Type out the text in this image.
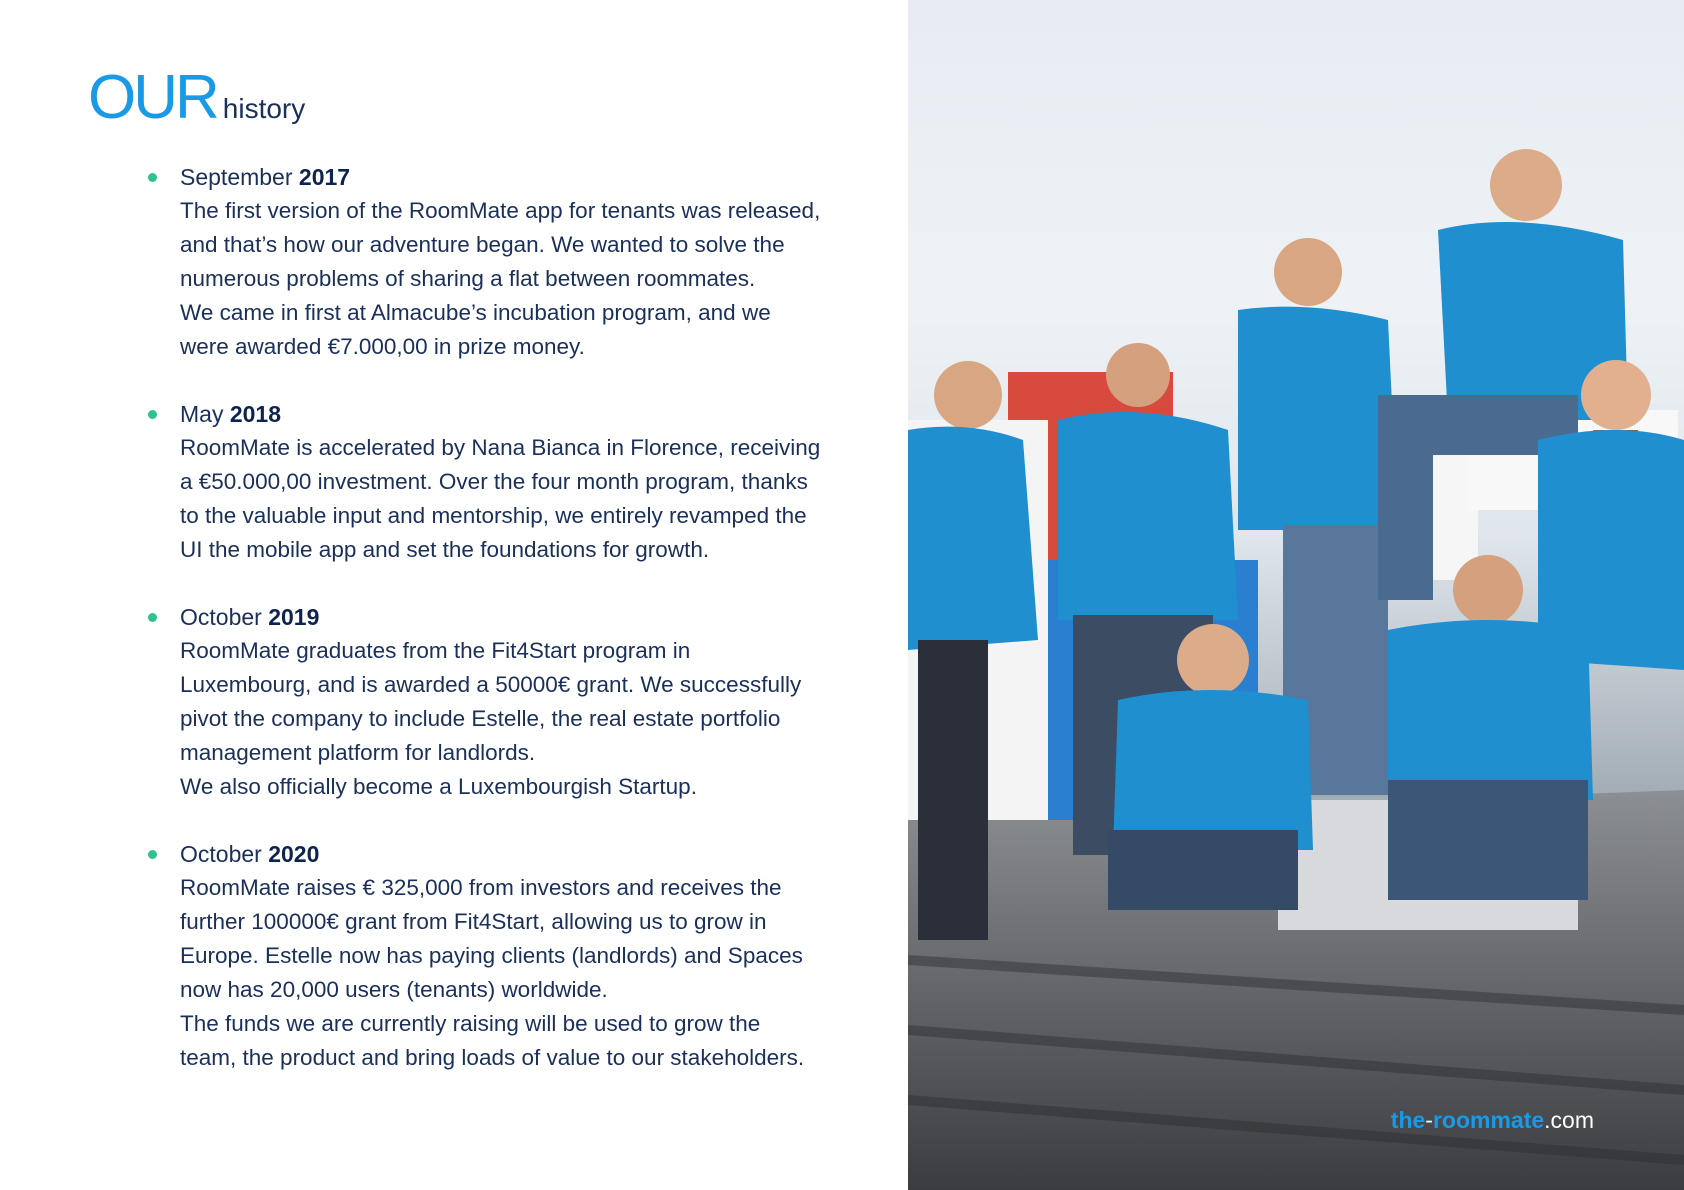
OUR history
September 2017
The first version of the RoomMate app for tenants was released,
and that’s how our adventure began. We wanted to solve the
numerous problems of sharing a flat between roommates.
We came in first at Almacube’s incubation program, and we
were awarded €7.000,00 in prize money.
May 2018
RoomMate is accelerated by Nana Bianca in Florence, receiving
a €50.000,00 investment. Over the four month program, thanks
to the valuable input and mentorship, we entirely revamped the
UI the mobile app and set the foundations for growth.
October 2019
RoomMate graduates from the Fit4Start program in
Luxembourg, and is awarded a 50000€ grant. We successfully
pivot the company to include Estelle, the real estate portfolio
management platform for landlords.
We also officially become a Luxembourgish Startup.
October 2020
RoomMate raises € 325,000 from investors and receives the
further 100000€ grant from Fit4Start, allowing us to grow in
Europe. Estelle now has paying clients (landlords) and Spaces
now has 20,000 users (tenants) worldwide.
The funds we are currently raising will be used to grow the
team, the product and bring loads of value to our stakeholders.
the-roommate.com
